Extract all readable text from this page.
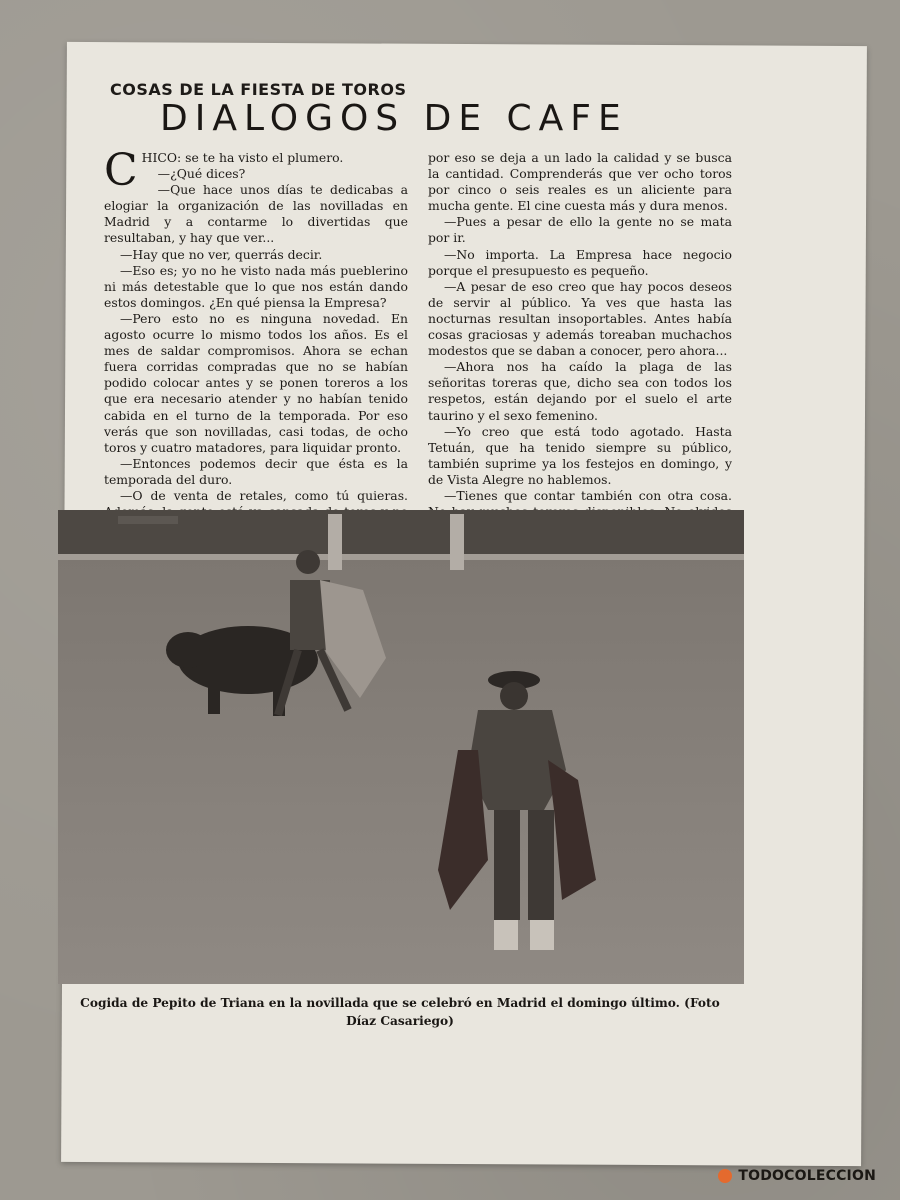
COSAS DE LA FIESTA DE TOROS
DIALOGOS DE CAFE

CHICO: se te ha visto el plumero.

—¿Qué dices?

—Que hace unos días te dedicabas a elogiar la organización de las novilladas en Madrid y a contarme lo divertidas que resultaban, y hay que ver...

—Hay que no ver, querrás decir.

—Eso es; yo no he visto nada más pueblerino ni más detestable que lo que nos están dando estos domingos. ¿En qué piensa la Empresa?

—Pero esto no es ninguna novedad. En agosto ocurre lo mismo todos los años. Es el mes de saldar compromisos. Ahora se echan fuera corridas compradas que no se habían podido colocar antes y se ponen toreros a los que era necesario atender y no habían tenido cabida en el turno de la temporada. Por eso verás que son novilladas, casi todas, de ocho toros y cuatro matadores, para liquidar pronto.

—Entonces podemos decir que ésta es la temporada del duro.

—O de venta de retales, como tú quieras.

por eso se deja a un lado la calidad y se busca la cantidad. Comprenderás que ver ocho toros por cinco o seis reales es un aliciente para mucha gente. El cine cuesta más y dura menos.

—Pues a pesar de ello la gente no se mata por ir.

—No importa. La Empresa hace negocio porque el presupuesto es pequeño.

—A pesar de eso creo que hay pocos deseos de servir al público. Ya ves que hasta las nocturnas resultan insoportables. Antes había cosas graciosas y además toreaban muchachos modestos que se daban a conocer, pero ahora...

—Ahora nos ha caído la plaga de las señoritas toreras que, dicho sea con todos los respetos, están dejando por el suelo el arte taurino y el sexo femenino.

—Yo creo que está todo agotado. Hasta Tetuán, que ha tenido siempre su público, también suprime ya los festejos en domingo, y de Vista Alegre no hablemos.

—Tienes que contar también con otra cosa.

Cogida de Pepito de Triana en la novillada que se celebró en Madrid el domingo último. (Foto Díaz Casariego)

TODOCOLECCION
